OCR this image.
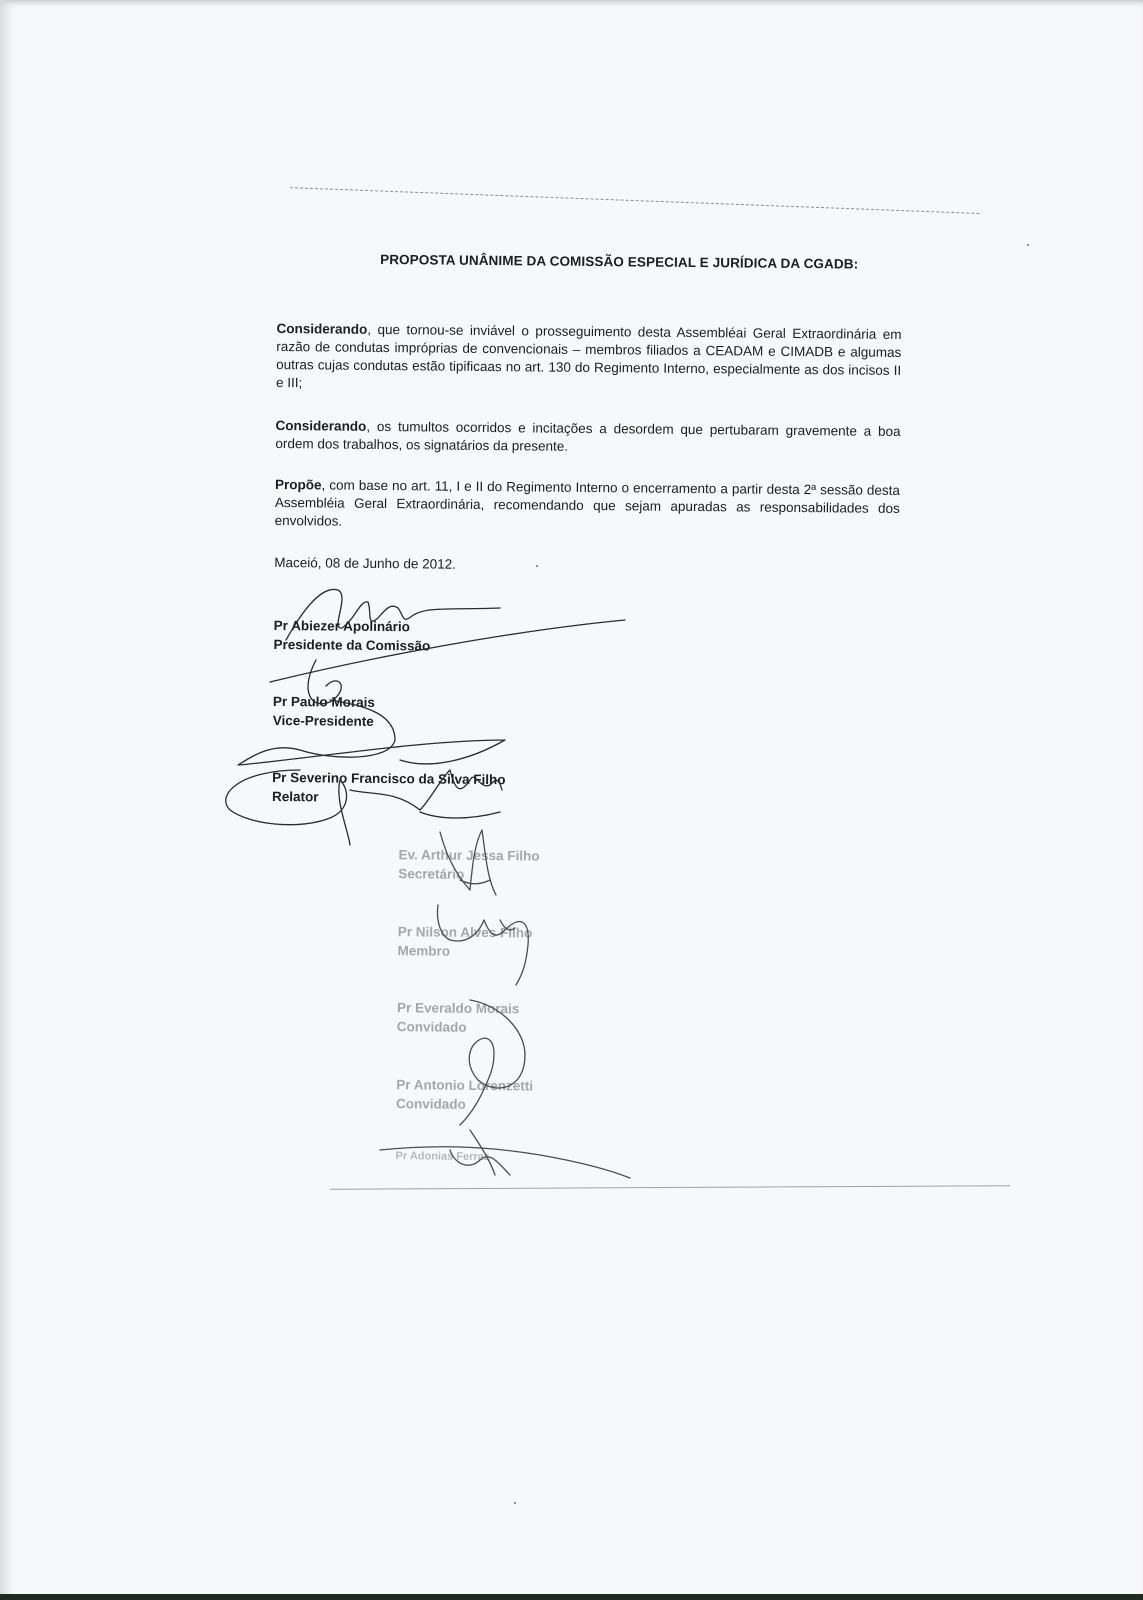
PROPOSTA UNÂNIME DA COMISSÃO ESPECIAL E JURÍDICA DA CGADB:
Considerando, que tornou-se inviável o prosseguimento desta Assembléai Geral Extraordinária em razão de condutas impróprias de convencionais – membros filiados a CEADAM e CIMADB e algumas outras cujas condutas estão tipificaas no art. 130 do Regimento Interno, especialmente as dos incisos II e III;
Considerando, os tumultos ocorridos e incitações a desordem que pertubaram gravemente a boa ordem dos trabalhos, os signatários da presente.
Propõe, com base no art. 11, I e II do Regimento Interno o encerramento a partir desta 2ª sessão desta Assembléia Geral Extraordinária, recomendando que sejam apuradas as responsabilidades dos envolvidos.
Maceió, 08 de Junho de 2012.
Pr Abiezer Apolinário
Presidente da Comissão
Pr Paulo Morais
Vice-Presidente
Pr Severino Francisco da Silva Filho
Relator
Ev. Arthur Jessa Filho
Secretário
Pr Nilson Alves Filho
Membro
Pr Everaldo Morais
Convidado
Pr Antonio Lorenzetti
Convidado
Pr Adonias Ferraz
